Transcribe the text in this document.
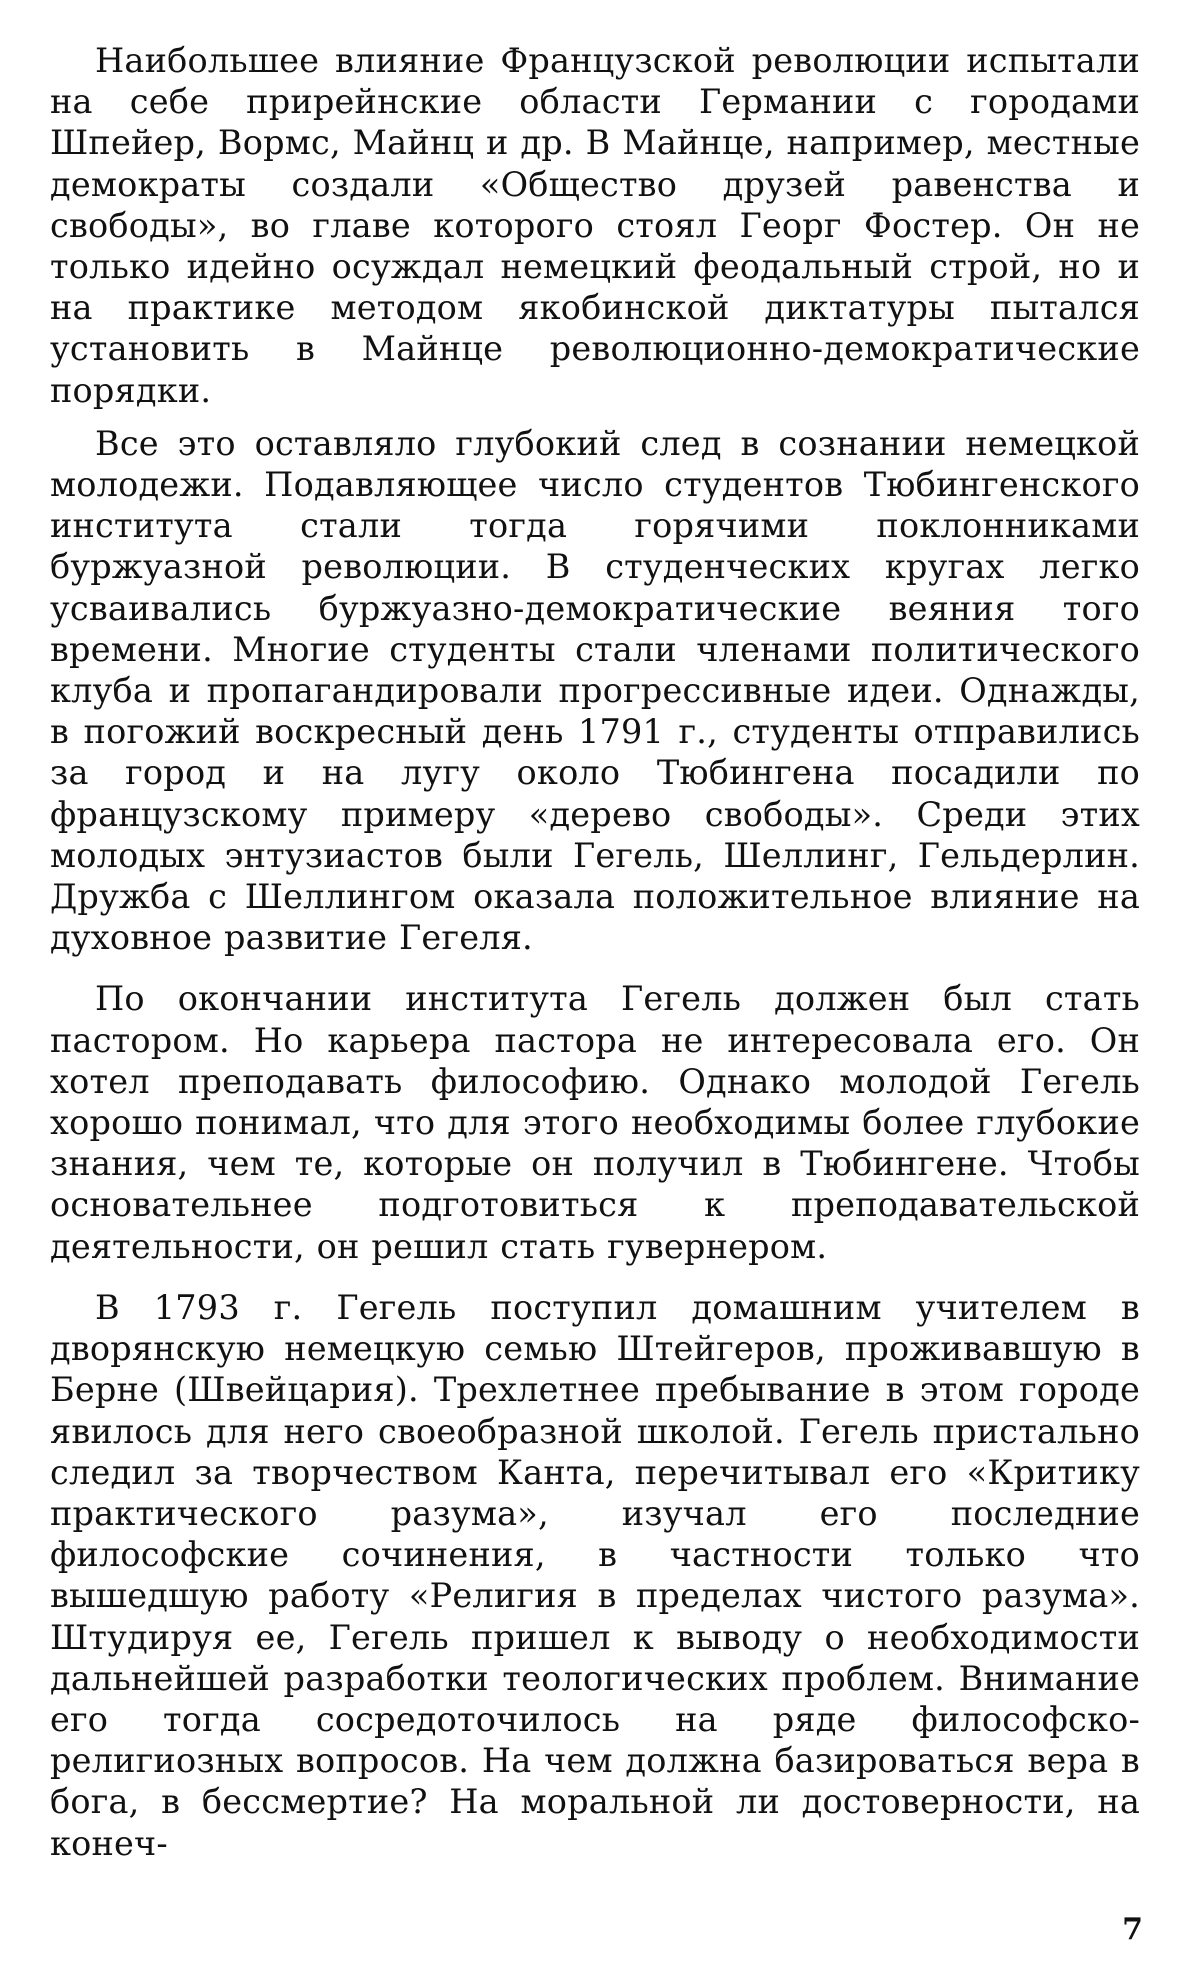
Наибольшее влияние Французской революции испытали на себе прирейнские области Германии с городами Шпейер, Вормс, Майнц и др. В Майнце, например, местные демократы создали «Общество друзей равенства и свободы», во главе которого стоял Георг Фостер. Он не только идейно осуждал немецкий феодальный строй, но и на практике методом якобинской диктатуры пытался установить в Майнце революционно-демократические порядки.

Все это оставляло глубокий след в сознании немецкой молодежи. Подавляющее число студентов Тюбингенского института стали тогда горячими поклонниками буржуазной революции. В студенческих кругах легко усваивались буржуазно-демократические веяния того времени. Многие студенты стали членами политического клуба и пропагандировали прогрессивные идеи. Однажды, в погожий воскресный день 1791 г., студенты отправились за город и на лугу около Тюбингена посадили по французскому примеру «дерево свободы». Среди этих молодых энтузиастов были Гегель, Шеллинг, Гельдерлин. Дружба с Шеллингом оказала положительное влияние на духовное развитие Гегеля.

По окончании института Гегель должен был стать пастором. Но карьера пастора не интересовала его. Он хотел преподавать философию. Однако молодой Гегель хорошо понимал, что для этого необходимы более глубокие знания, чем те, которые он получил в Тюбингене. Чтобы основательнее подготовиться к преподавательской деятельности, он решил стать гувернером.

В 1793 г. Гегель поступил домашним учителем в дворянскую немецкую семью Штейгеров, проживавшую в Берне (Швейцария). Трехлетнее пребывание в этом городе явилось для него своеобразной школой. Гегель пристально следил за творчеством Канта, перечитывал его «Критику практического разума», изучал его последние философские сочинения, в частности только что вышедшую работу «Религия в пределах чистого разума». Штудируя ее, Гегель пришел к выводу о необходимости дальнейшей разработки теологических проблем. Внимание его тогда сосредоточилось на ряде философско-религиозных вопросов. На чем должна базироваться вера в бога, в бессмертие? На моральной ли достоверности, на конеч-

7
